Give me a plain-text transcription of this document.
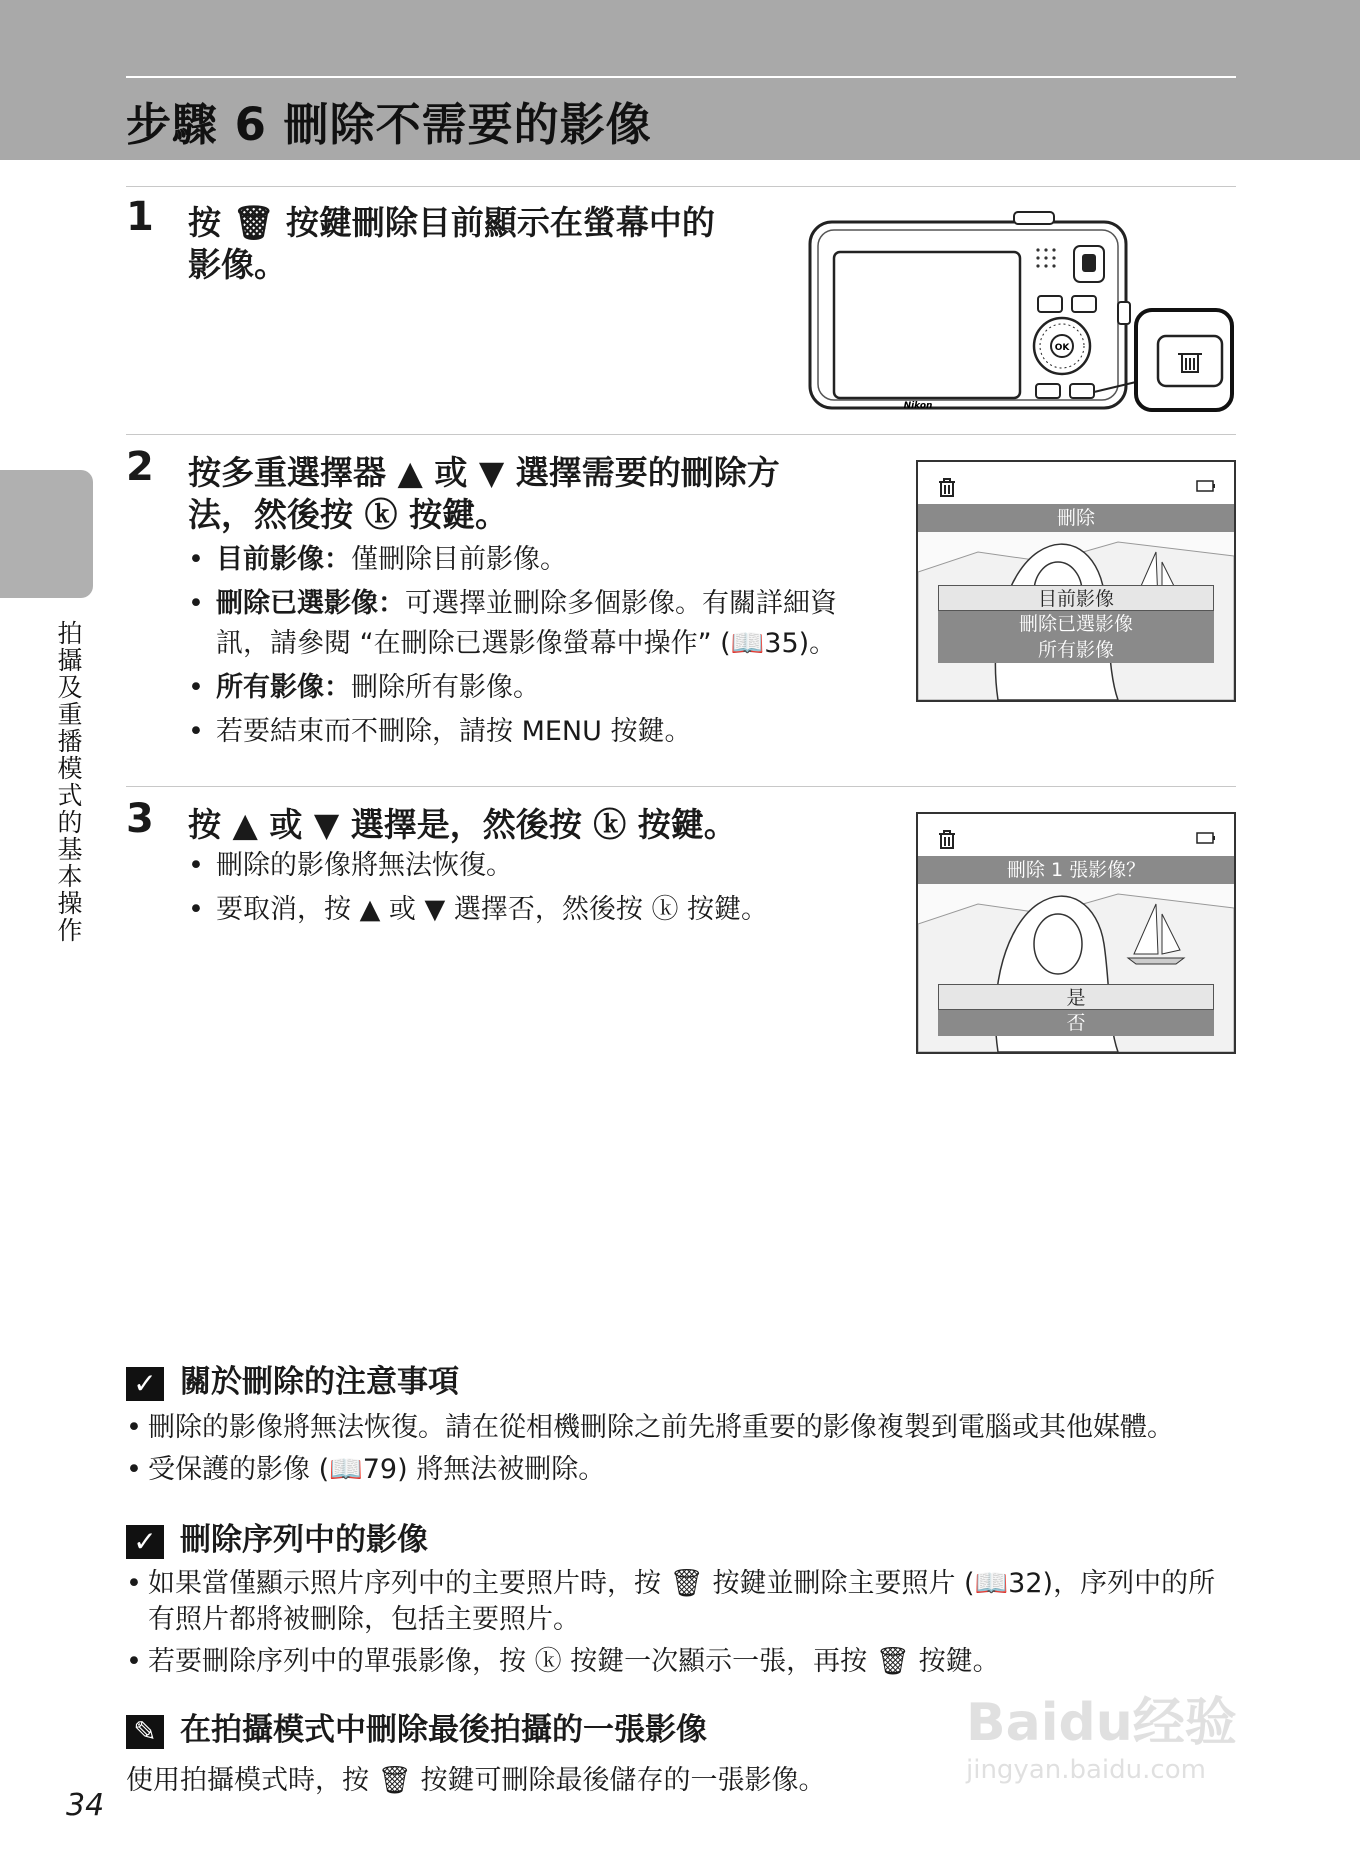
步驟 6 刪除不需要的影像
拍攝及重播模式的基本操作
1 按 🗑 按鍵刪除目前顯示在螢幕中的
影像。
OK
Nikon
2 按多重選擇器 ▲ 或 ▼ 選擇需要的刪除方
法，然後按 ⓚ 按鍵。
• 目前影像：僅刪除目前影像。
• 刪除已選影像：可選擇並刪除多個影像。有關詳細資訊，請參閱 “在刪除已選影像螢幕中操作” (📖35)。
• 所有影像：刪除所有影像。
• 若要結束而不刪除，請按 MENU 按鍵。
刪除
目前影像
刪除已選影像
所有影像
3 按 ▲ 或 ▼ 選擇是，然後按 ⓚ 按鍵。
• 刪除的影像將無法恢復。
• 要取消，按 ▲ 或 ▼ 選擇否，然後按 ⓚ 按鍵。
刪除 1 張影像？
是
否
✓ 關於刪除的注意事項
• 刪除的影像將無法恢復。請在從相機刪除之前先將重要的影像複製到電腦或其他媒體。
• 受保護的影像 (📖79) 將無法被刪除。
✓ 刪除序列中的影像
• 如果當僅顯示照片序列中的主要照片時，按 🗑 按鍵並刪除主要照片 (📖32)，序列中的所有照片都將被刪除，包括主要照片。
• 若要刪除序列中的單張影像，按 ⓚ 按鍵一次顯示一張，再按 🗑 按鍵。
✎ 在拍攝模式中刪除最後拍攝的一張影像
使用拍攝模式時，按 🗑 按鍵可刪除最後儲存的一張影像。
34
Baidu经验
jingyan.baidu.com
